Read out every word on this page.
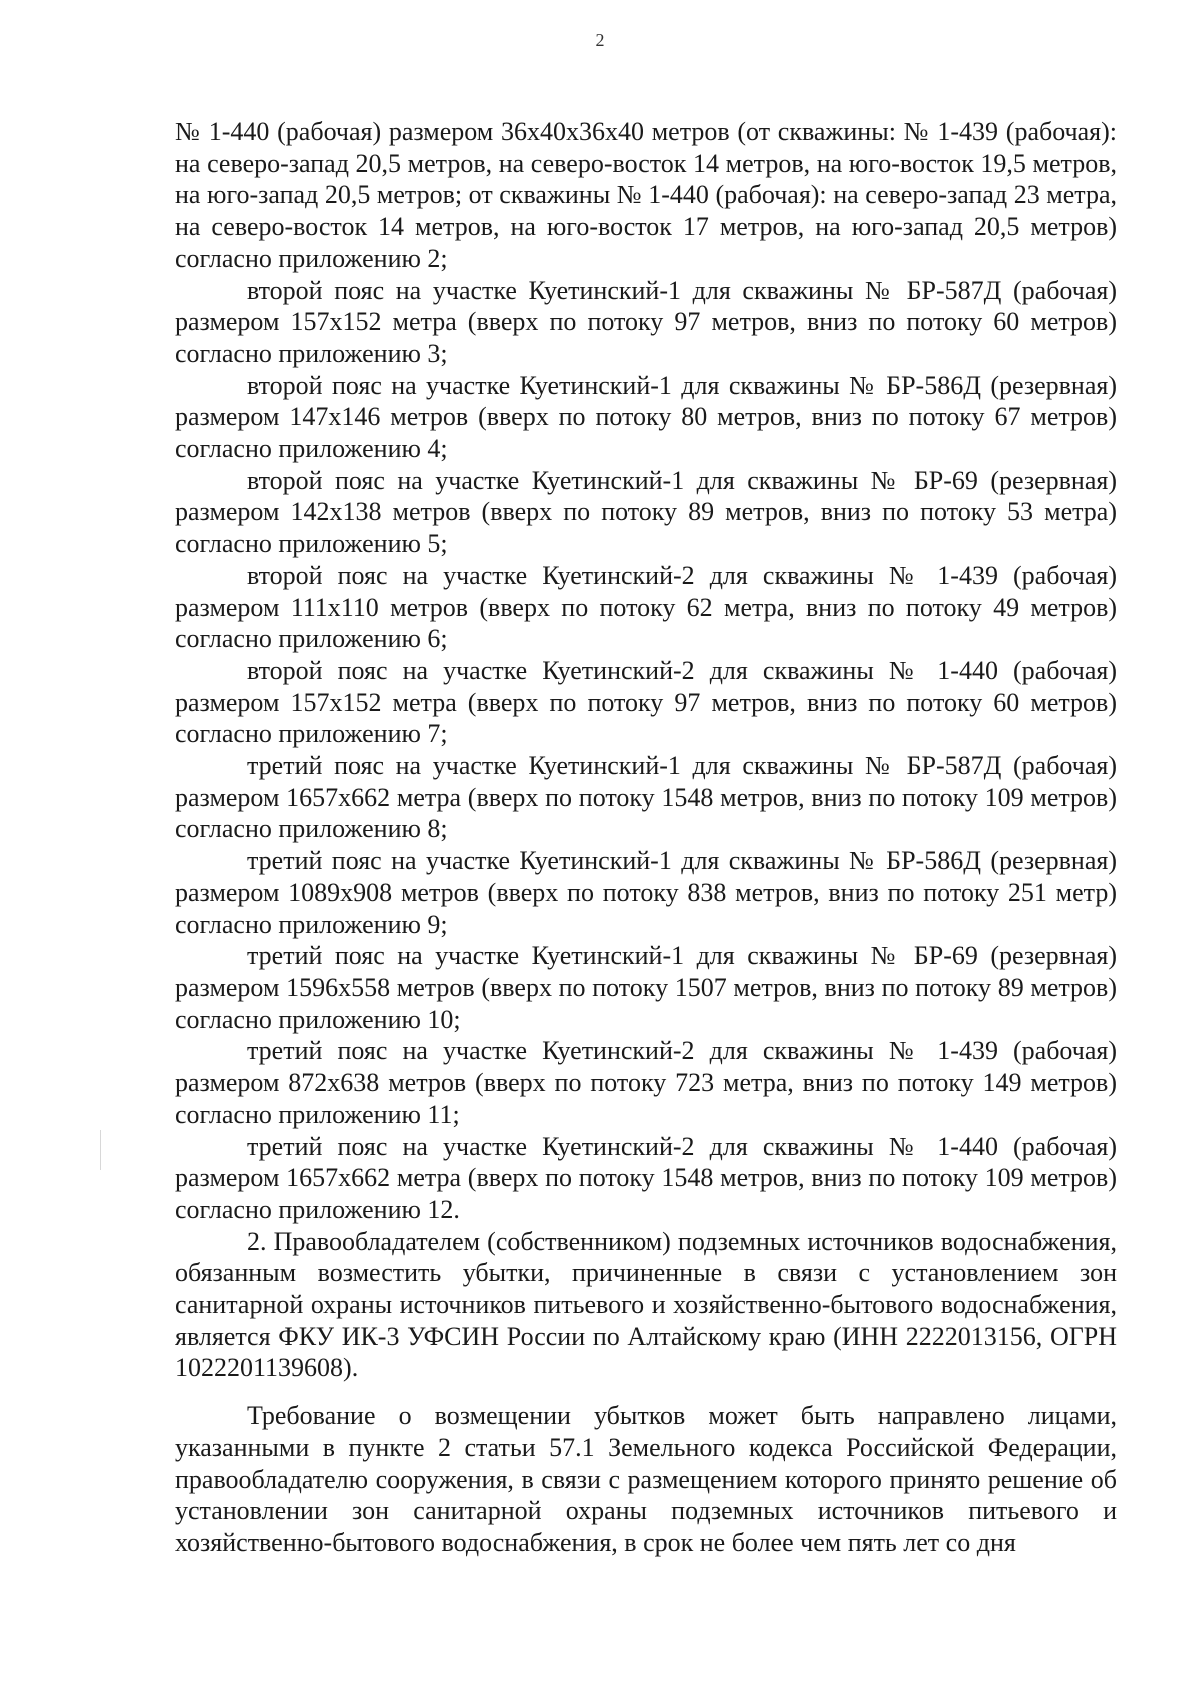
2

№ 1-440 (рабочая) размером 36x40x36x40 метров (от скважины: № 1-439 (рабочая): на северо-запад 20,5 метров, на северо-восток 14 метров, на юго-восток 19,5 метров, на юго-запад 20,5 метров; от скважины № 1-440 (рабочая): на северо-запад 23 метра, на северо-восток 14 метров, на юго-восток 17 метров, на юго-запад 20,5 метров) согласно приложению 2;

второй пояс на участке Куетинский-1 для скважины № БР-587Д (рабочая) размером 157x152 метра (вверх по потоку 97 метров, вниз по потоку 60 метров) согласно приложению 3;

второй пояс на участке Куетинский-1 для скважины № БР-586Д (резервная) размером 147x146 метров (вверх по потоку 80 метров, вниз по потоку 67 метров) согласно приложению 4;

второй пояс на участке Куетинский-1 для скважины № БР-69 (резервная) размером 142x138 метров (вверх по потоку 89 метров, вниз по потоку 53 метра) согласно приложению 5;

второй пояс на участке Куетинский-2 для скважины № 1-439 (рабочая) размером 111x110 метров (вверх по потоку 62 метра, вниз по потоку 49 метров) согласно приложению 6;

второй пояс на участке Куетинский-2 для скважины № 1-440 (рабочая) размером 157x152 метра (вверх по потоку 97 метров, вниз по потоку 60 метров) согласно приложению 7;

третий пояс на участке Куетинский-1 для скважины № БР-587Д (рабочая) размером 1657x662 метра (вверх по потоку 1548 метров, вниз по потоку 109 метров) согласно приложению 8;

третий пояс на участке Куетинский-1 для скважины № БР-586Д (резервная) размером 1089x908 метров (вверх по потоку 838 метров, вниз по потоку 251 метр) согласно приложению 9;

третий пояс на участке Куетинский-1 для скважины № БР-69 (резервная) размером 1596x558 метров (вверх по потоку 1507 метров, вниз по потоку 89 метров) согласно приложению 10;

третий пояс на участке Куетинский-2 для скважины № 1-439 (рабочая) размером 872x638 метров (вверх по потоку 723 метра, вниз по потоку 149 метров) согласно приложению 11;

третий пояс на участке Куетинский-2 для скважины № 1-440 (рабочая) размером 1657x662 метра (вверх по потоку 1548 метров, вниз по потоку 109 метров) согласно приложению 12.

2. Правообладателем (собственником) подземных источников водоснабжения, обязанным возместить убытки, причиненные в связи с установлением зон санитарной охраны источников питьевого и хозяйственно-бытового водоснабжения, является ФКУ ИК-3 УФСИН России по Алтайскому краю (ИНН 2222013156, ОГРН 1022201139608).

Требование о возмещении убытков может быть направлено лицами, указанными в пункте 2 статьи 57.1 Земельного кодекса Российской Федерации, правообладателю сооружения, в связи с размещением которого принято решение об установлении зон санитарной охраны подземных источников питьевого и хозяйственно-бытового водоснабжения, в срок не более чем пять лет со дня
